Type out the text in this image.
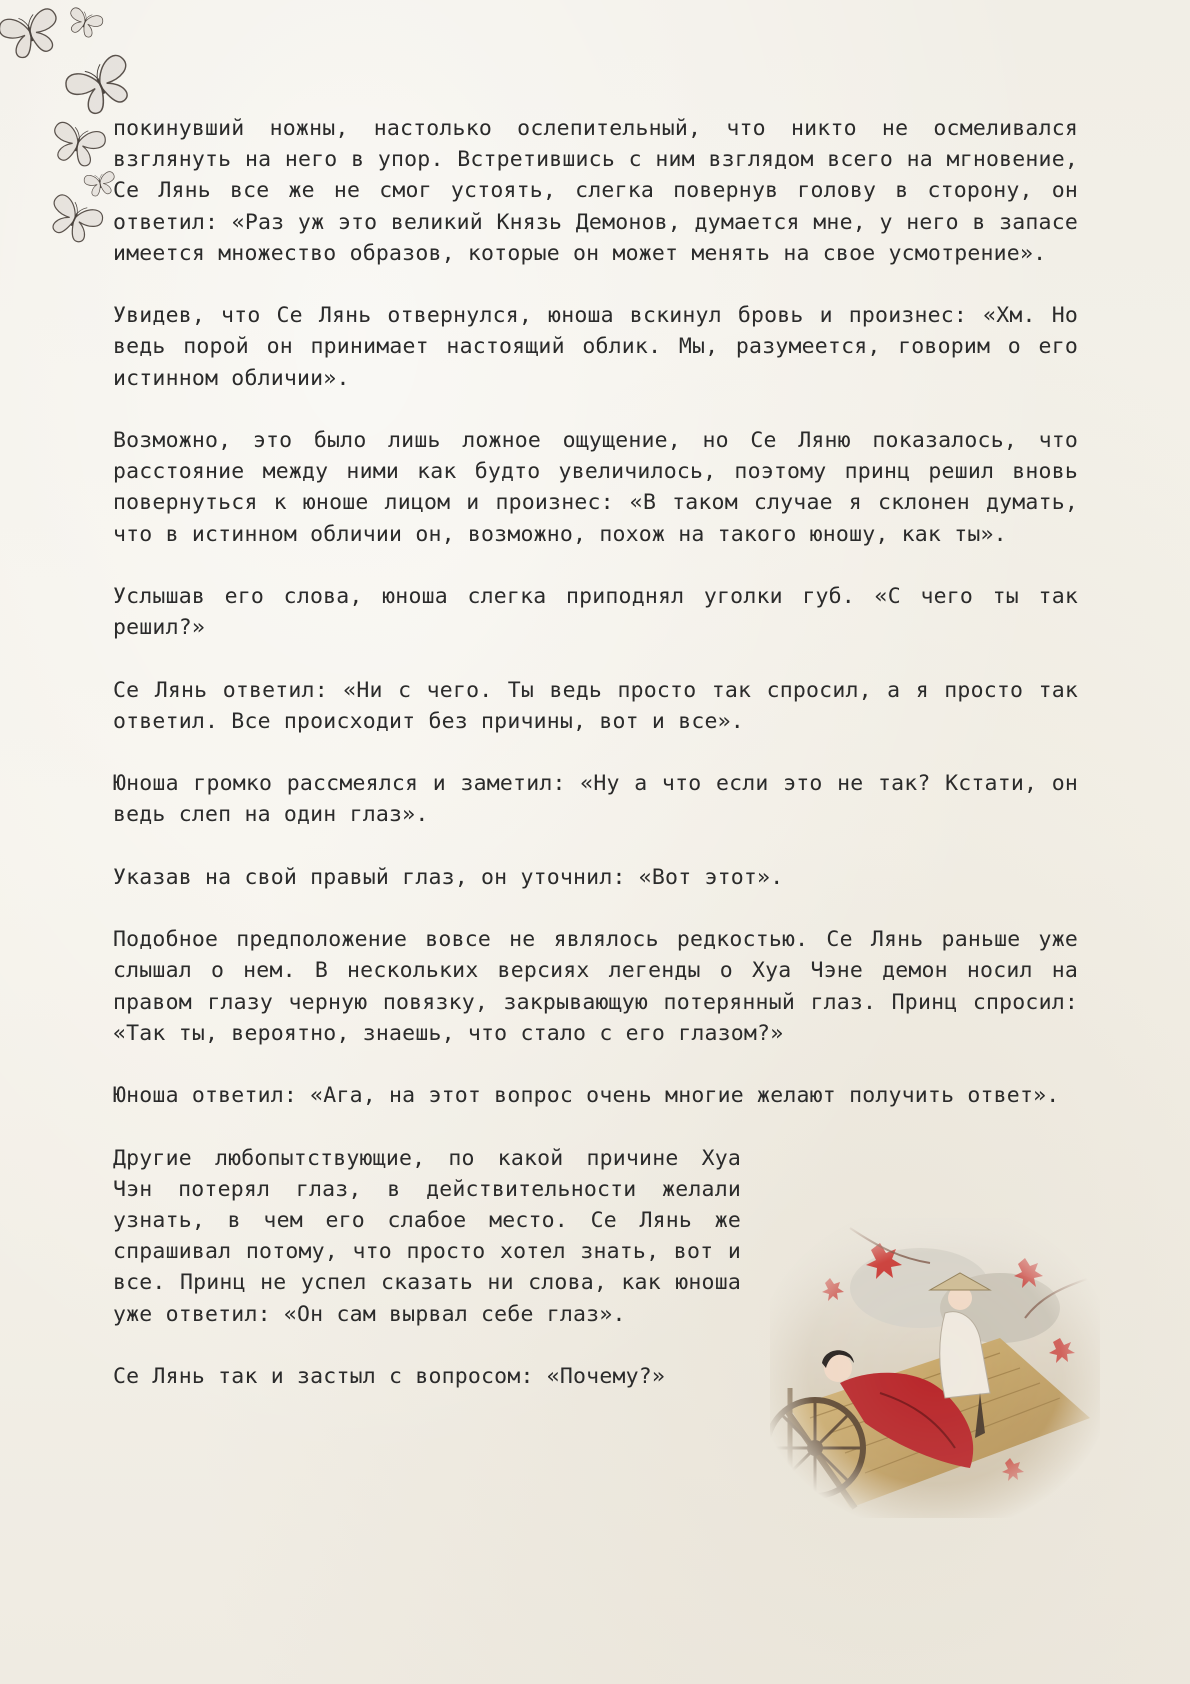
покинувший ножны, настолько ослепительный, что никто не осмеливался взглянуть на него в упор. Встретившись с ним взглядом всего на мгновение, Се Лянь все же не смог устоять, слегка повернув голову в сторону, он ответил: «Раз уж это великий Князь Демонов, думается мне, у него в запасе имеется множество образов, которые он может менять на свое усмотрение».

Увидев, что Се Лянь отвернулся, юноша вскинул бровь и произнес: «Хм. Но ведь порой он принимает настоящий облик. Мы, разумеется, говорим о его истинном обличии».

Возможно, это было лишь ложное ощущение, но Се Ляню показалось, что расстояние между ними как будто увеличилось, поэтому принц решил вновь повернуться к юноше лицом и произнес: «В таком случае я склонен думать, что в истинном обличии он, возможно, похож на такого юношу, как ты».

Услышав его слова, юноша слегка приподнял уголки губ. «С чего ты так решил?»

Се Лянь ответил: «Ни с чего. Ты ведь просто так спросил, а я просто так ответил. Все происходит без причины, вот и все».

Юноша громко рассмеялся и заметил: «Ну а что если это не так? Кстати, он ведь слеп на один глаз».

Указав на свой правый глаз, он уточнил: «Вот этот».

Подобное предположение вовсе не являлось редкостью. Се Лянь раньше уже слышал о нем. В нескольких версиях легенды о Хуа Чэне демон носил на правом глазу черную повязку, закрывающую потерянный глаз. Принц спросил: «Так ты, вероятно, знаешь, что стало с его глазом?»

Юноша ответил: «Ага, на этот вопрос очень многие желают получить ответ».

Другие любопытствующие, по какой причине Хуа Чэн потерял глаз, в действительности желали узнать, в чем его слабое место. Се Лянь же спрашивал потому, что просто хотел знать, вот и все. Принц не успел сказать ни слова, как юноша уже ответил: «Он сам вырвал себе глаз».

Се Лянь так и застыл с вопросом: «Почему?»
